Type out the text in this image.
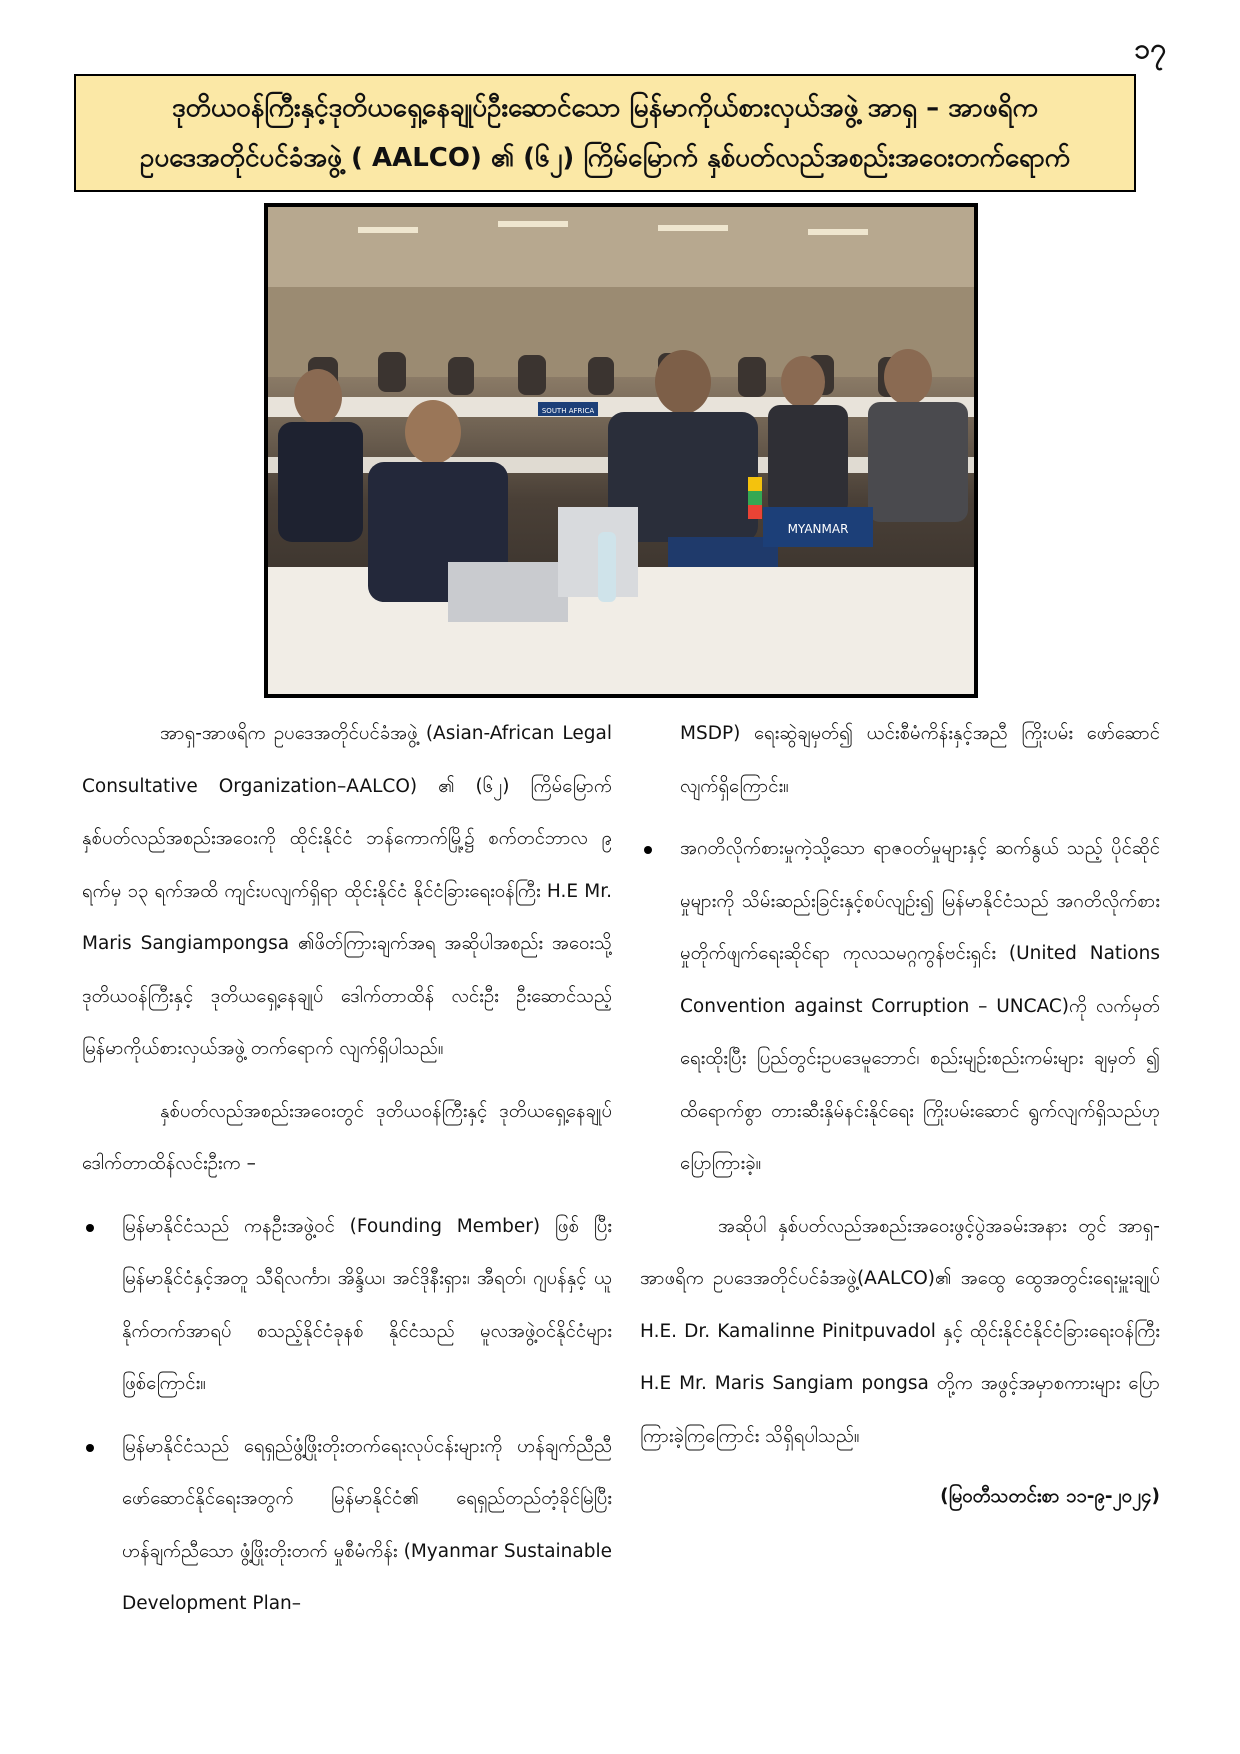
၁၇
ဒုတိယဝန်ကြီးနှင့်ဒုတိယရှေ့နေချုပ်ဦးဆောင်သော မြန်မာကိုယ်စားလှယ်အဖွဲ့ အာရှ – အာဖရိက
ဥပဒေအတိုင်ပင်ခံအဖွဲ့ ( AALCO) ၏ (၆၂) ကြိမ်မြောက် နှစ်ပတ်လည်အစည်းအဝေးတက်ရောက်
MYANMAR
SOUTH AFRICA

အာရှ-အာဖရိက ဥပဒေအတိုင်ပင်ခံအဖွဲ့ (Asian-African Legal Consultative Organization–AALCO) ၏ (၆၂) ကြိမ်မြောက် နှစ်ပတ်လည်အစည်းအဝေးကို ထိုင်းနိုင်ငံ ဘန်ကောက်မြို့၌ စက်တင်ဘာလ ၉ ရက်မှ ၁၃ ရက်အထိ ကျင်းပလျက်ရှိရာ ထိုင်းနိုင်ငံ နိုင်ငံခြားရေးဝန်ကြီး H.E Mr. Maris Sangiampongsa ၏ဖိတ်ကြားချက်အရ အဆိုပါအစည်း အဝေးသို့ ဒုတိယဝန်ကြီးနှင့် ဒုတိယရှေ့နေချုပ် ဒေါက်တာထိန် လင်းဦး ဦးဆောင်သည့် မြန်မာကိုယ်စားလှယ်အဖွဲ့ တက်ရောက် လျက်ရှိပါသည်။

နှစ်ပတ်လည်အစည်းအဝေးတွင် ဒုတိယဝန်ကြီးနှင့် ဒုတိယရှေ့နေချုပ် ဒေါက်တာထိန်လင်းဦးက –

မြန်မာနိုင်ငံသည် ကနဦးအဖွဲ့ဝင် (Founding Member) ဖြစ် ပြီး မြန်မာနိုင်ငံနှင့်အတူ သီရိလင်္ကာ၊ အိန္ဒိယ၊ အင်ဒိုနီးရှား၊ အီရတ်၊ ဂျပန်နှင့် ယူနိုက်တက်အာရပ် စသည့်နိုင်ငံခုနစ် နိုင်ငံသည် မူလအဖွဲ့ဝင်နိုင်ငံများဖြစ်ကြောင်း။

မြန်မာနိုင်ငံသည် ရေရှည်ဖွံ့ဖြိုးတိုးတက်ရေးလုပ်ငန်းများကို ဟန်ချက်ညီညီဖော်ဆောင်နိုင်ရေးအတွက် မြန်မာနိုင်ငံ၏ ရေရှည်တည်တံ့ခိုင်မြဲပြီး ဟန်ချက်ညီသော ဖွံ့ဖြိုးတိုးတက် မှုစီမံကိန်း (Myanmar Sustainable Development Plan–

MSDP) ရေးဆွဲချမှတ်၍ ယင်းစီမံကိန်းနှင့်အညီ ကြိုးပမ်း ဖော်ဆောင်လျက်ရှိကြောင်း။

အဂတိလိုက်စားမှုကဲ့သို့သော ရာဇဝတ်မှုများနှင့် ဆက်နွယ် သည့် ပိုင်ဆိုင်မှုများကို သိမ်းဆည်းခြင်းနှင့်စပ်လျဉ်း၍ မြန်မာနိုင်ငံသည် အဂတိလိုက်စားမှုတိုက်ဖျက်ရေးဆိုင်ရာ ကုလသမဂ္ဂကွန်ဗင်းရှင်း (United Nations Convention against Corruption – UNCAC)ကို လက်မှတ်ရေးထိုးပြီး ပြည်တွင်းဥပဒေမူဘောင်၊ စည်းမျဉ်းစည်းကမ်းများ ချမှတ် ၍ ထိရောက်စွာ တားဆီးနှိမ်နင်းနိုင်ရေး ကြိုးပမ်းဆောင် ရွက်လျက်ရှိသည်ဟု ပြောကြားခဲ့။

အဆိုပါ နှစ်ပတ်လည်အစည်းအဝေးဖွင့်ပွဲအခမ်းအနား တွင် အာရှ-အာဖရိက ဥပဒေအတိုင်ပင်ခံအဖွဲ့(AALCO)၏ အထွေ ထွေအတွင်းရေးမှူးချုပ် H.E. Dr. Kamalinne Pinitpuvadol နှင့် ထိုင်းနိုင်ငံနိုင်ငံခြားရေးဝန်ကြီး H.E Mr. Maris Sangiam pongsa တို့က အဖွင့်အမှာစကားများ ပြောကြားခဲ့ကြကြောင်း သိရှိရပါသည်။

(မြဝတီသတင်းစာ ၁၁-၉-၂၀၂၄)
